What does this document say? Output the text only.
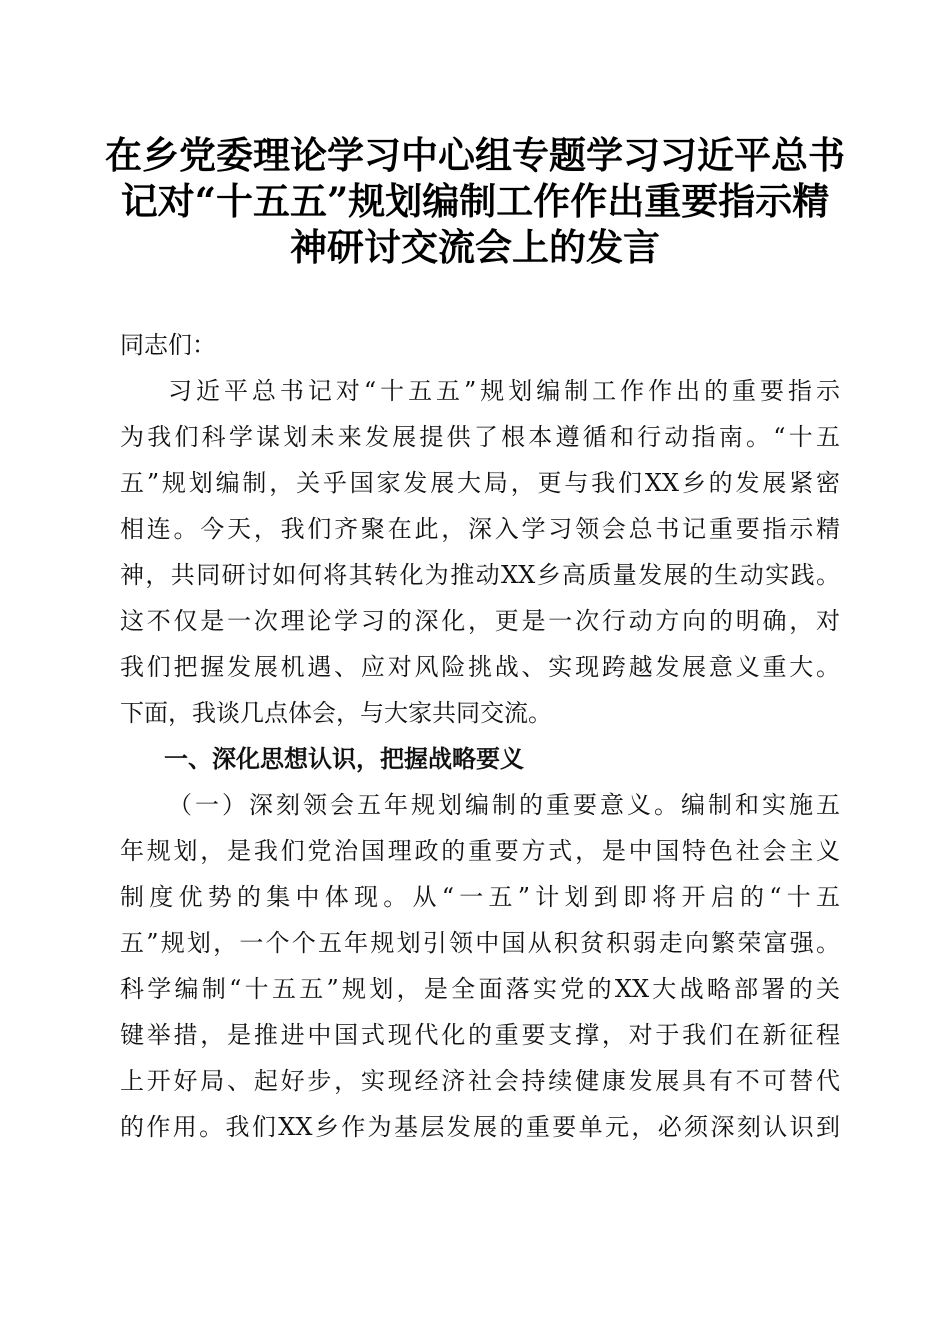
在乡党委理论学习中心组专题学习习近平总书
记对“十五五”规划编制工作作出重要指示精
神研讨交流会上的发言
同志们：
习近平总书记对“十五五”规划编制工作作出的重要指示
为我们科学谋划未来发展提供了根本遵循和行动指南。“十五
五”规划编制，关乎国家发展大局，更与我们XX乡的发展紧密
相连。今天，我们齐聚在此，深入学习领会总书记重要指示精
神，共同研讨如何将其转化为推动XX乡高质量发展的生动实践。
这不仅是一次理论学习的深化，更是一次行动方向的明确，对
我们把握发展机遇、应对风险挑战、实现跨越发展意义重大。
下面，我谈几点体会，与大家共同交流。
一、深化思想认识，把握战略要义
（一）深刻领会五年规划编制的重要意义。编制和实施五
年规划，是我们党治国理政的重要方式，是中国特色社会主义
制度优势的集中体现。从“一五”计划到即将开启的“十五
五”规划，一个个五年规划引领中国从积贫积弱走向繁荣富强。
科学编制“十五五”规划，是全面落实党的XX大战略部署的关
键举措，是推进中国式现代化的重要支撑，对于我们在新征程
上开好局、起好步，实现经济社会持续健康发展具有不可替代
的作用。我们XX乡作为基层发展的重要单元，必须深刻认识到
